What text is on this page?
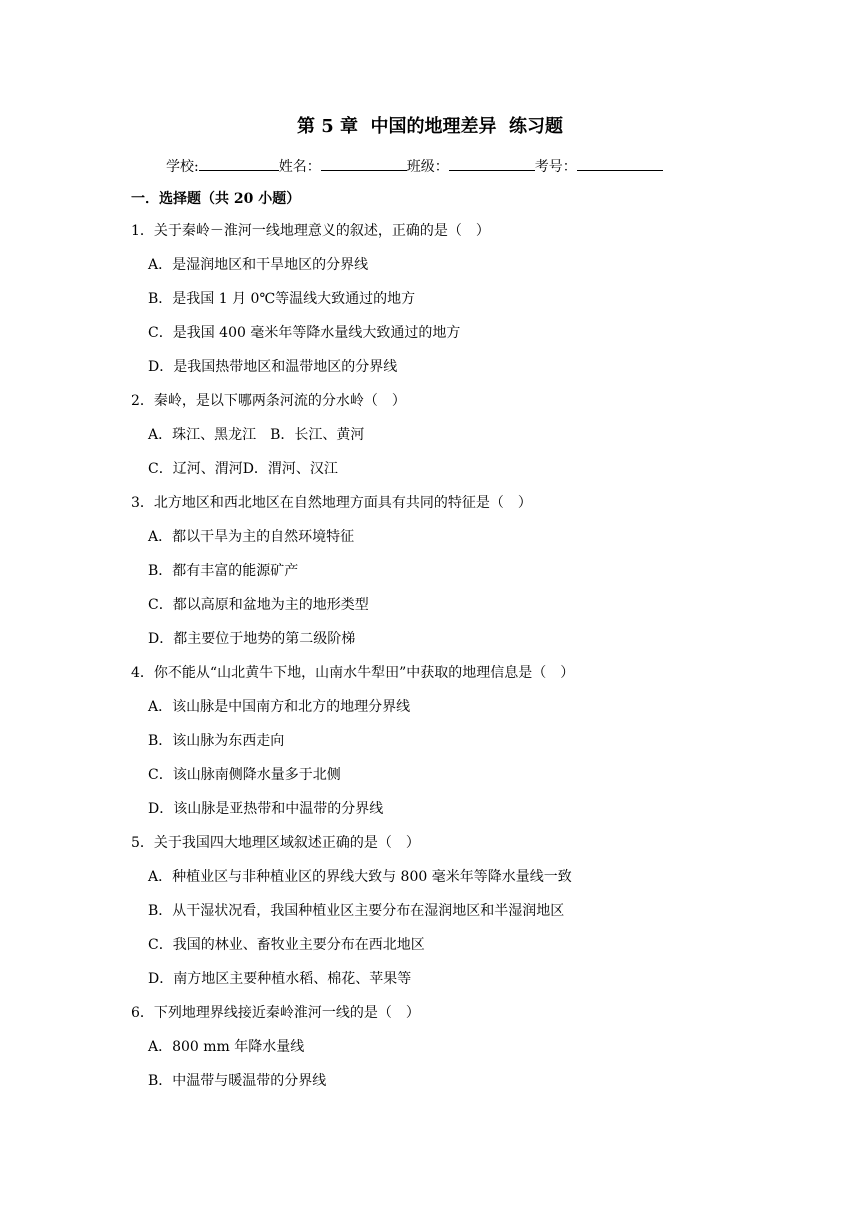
第 5 章  中国的地理差异  练习题
学校:	姓名：	班级：	考号：
一．选择题（共 20 小题）
1．关于秦岭－淮河一线地理意义的叙述，正确的是（　）
A．是湿润地区和干旱地区的分界线
B．是我国 1 月 0℃等温线大致通过的地方
C．是我国 400 毫米年等降水量线大致通过的地方
D．是我国热带地区和温带地区的分界线
2．秦岭，是以下哪两条河流的分水岭（　）
A．珠江、黑龙江　B．长江、黄河
C．辽河、渭河D．渭河、汉江
3．北方地区和西北地区在自然地理方面具有共同的特征是（　）
A．都以干旱为主的自然环境特征
B．都有丰富的能源矿产
C．都以高原和盆地为主的地形类型
D．都主要位于地势的第二级阶梯
4．你不能从“山北黄牛下地，山南水牛犁田”中获取的地理信息是（　）
A．该山脉是中国南方和北方的地理分界线
B．该山脉为东西走向
C．该山脉南侧降水量多于北侧
D．该山脉是亚热带和中温带的分界线
5．关于我国四大地理区域叙述正确的是（　）
A．种植业区与非种植业区的界线大致与 800 毫米年等降水量线一致
B．从干湿状况看，我国种植业区主要分布在湿润地区和半湿润地区
C．我国的林业、畜牧业主要分布在西北地区
D．南方地区主要种植水稻、棉花、苹果等
6．下列地理界线接近秦岭淮河一线的是（　）
A．800 mm 年降水量线
B．中温带与暖温带的分界线
